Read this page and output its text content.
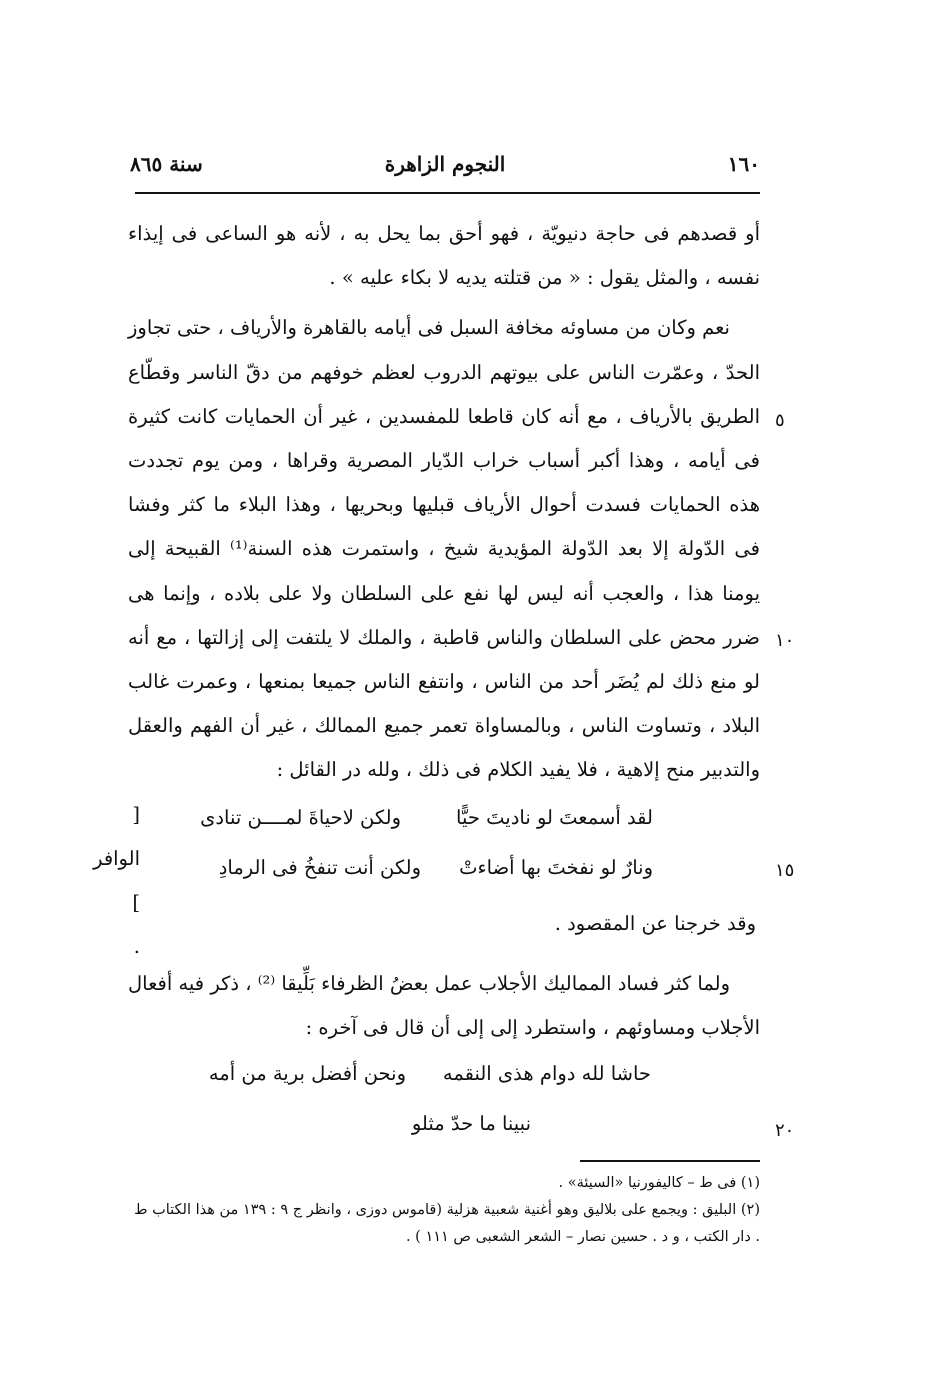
١٦٠
النجوم الزاهرة
سنة ٨٦٥

أو قصدهم فى حاجة دنيويّة ، فهو أحق بما يحل به ، لأنه هو الساعى فى إيذاء نفسه ، والمثل يقول : « من قتلته يديه لا بكاء عليه » .

نعم وكان من مساوئه مخافة السبل فى أيامه بالقاهرة والأرياف ، حتى تجاوز الحدّ ، وعمّرت الناس على بيوتهم الدروب لعظم خوفهم من دقّ الناسر وقطّاع الطريق بالأرياف ، مع أنه كان قاطعا للمفسدين ، غير أن الحمايات كانت كثيرة فى أيامه ، وهذا أكبر أسباب خراب الدّيار المصرية وقراها ، ومن يوم تجددت هذه الحمايات فسدت أحوال الأرياف قبليها وبحريها ، وهذا البلاء ما كثر وفشا فى الدّولة إلا بعد الدّولة المؤيدية شيخ ، واستمرت هذه السنة⁽¹⁾ القبيحة إلى يومنا هذا ، والعجب أنه ليس لها نفع على السلطان ولا على بلاده ، وإنما هى ضرر محض على السلطان والناس قاطبة ، والملك لا يلتفت إلى إزالتها ، مع أنه لو منع ذلك لم يُضَر أحد من الناس ، وانتفع الناس جميعا بمنعها ، وعمرت غالب البلاد ، وتساوت الناس ، وبالمساواة تعمر جميع الممالك ، غير أن الفهم والعقل والتدبير منح إلاهية ، فلا يفيد الكلام فى ذلك ، ولله در القائل :

[ الوافر ] .

٥
١٠
١٥
٢٠
لقد أسمعتَ لو ناديتَ حيًّا
ولكن لاحياةَ لمــــن تنادى
ونارٌ لو نفختَ بها أضاءتْ
ولكن أنت تنفخُ فى الرمادِ
وقد خرجنا عن المقصود .

ولما كثر فساد المماليك الأجلاب عمل بعضُ الظرفاء بَلِّيقا ⁽²⁾ ، ذكر فيه أفعال الأجلاب ومساوئهم ، واستطرد إلى إلى أن قال فى آخره :

حاشا لله دوام هذى النقمه
ونحن أفضل برية من أمه
نبينا ما حدّ مثلو

(١) فى ط – كاليفورنيا «السيئة» .

(٢) البليق : ويجمع على بلاليق وهو أغنية شعبية هزلية (قاموس دوزى ، وانظر ج ٩ : ١٣٩ من هذا الكتاب ط . دار الكتب ، و د . حسين نصار – الشعر الشعبى ص ١١١ ) .
